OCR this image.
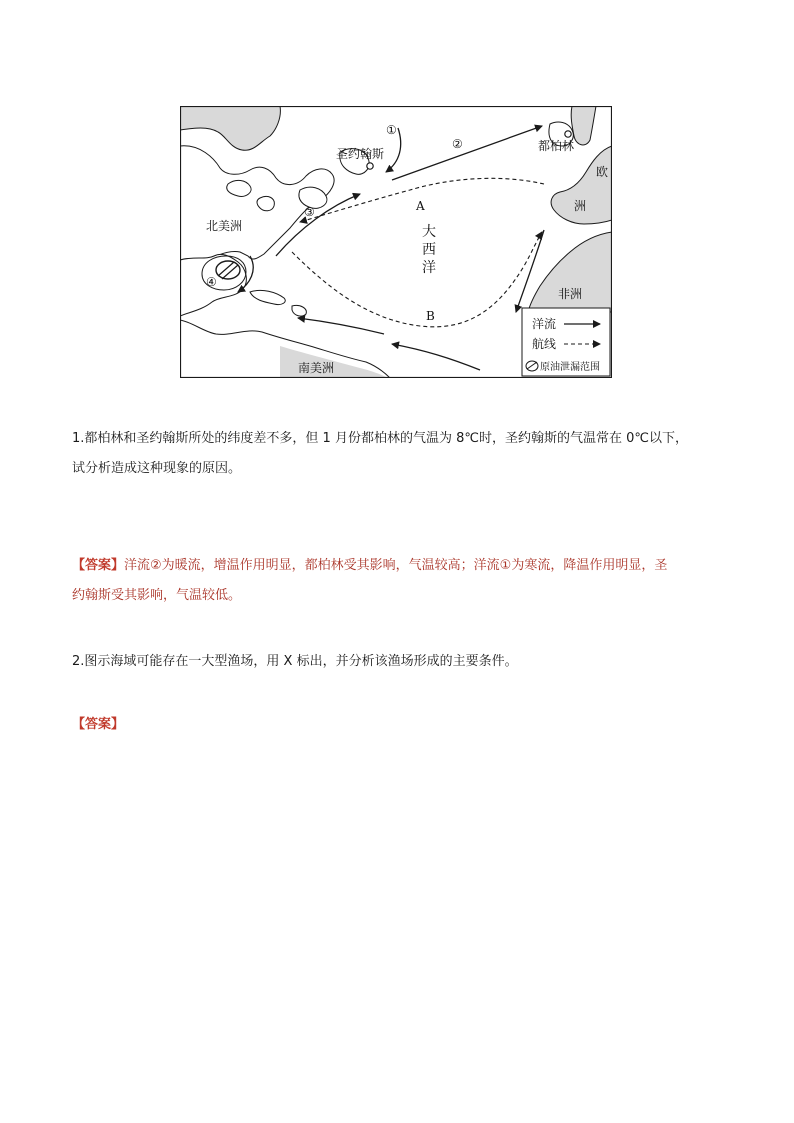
①
②
③
④
圣约翰斯
都柏林
欧
洲
北美洲
南美洲
非洲
大
西
洋
A
B
洋流
航线
原油泄漏范围
1.都柏林和圣约翰斯所处的纬度差不多，但 1 月份都柏林的气温为 8℃时，圣约翰斯的气温常在 0℃以下，
试分析造成这种现象的原因。
【答案】洋流②为暖流，增温作用明显，都柏林受其影响，气温较高；洋流①为寒流，降温作用明显，圣
约翰斯受其影响，气温较低。
2.图示海域可能存在一大型渔场，用 X 标出，并分析该渔场形成的主要条件。
【答案】
